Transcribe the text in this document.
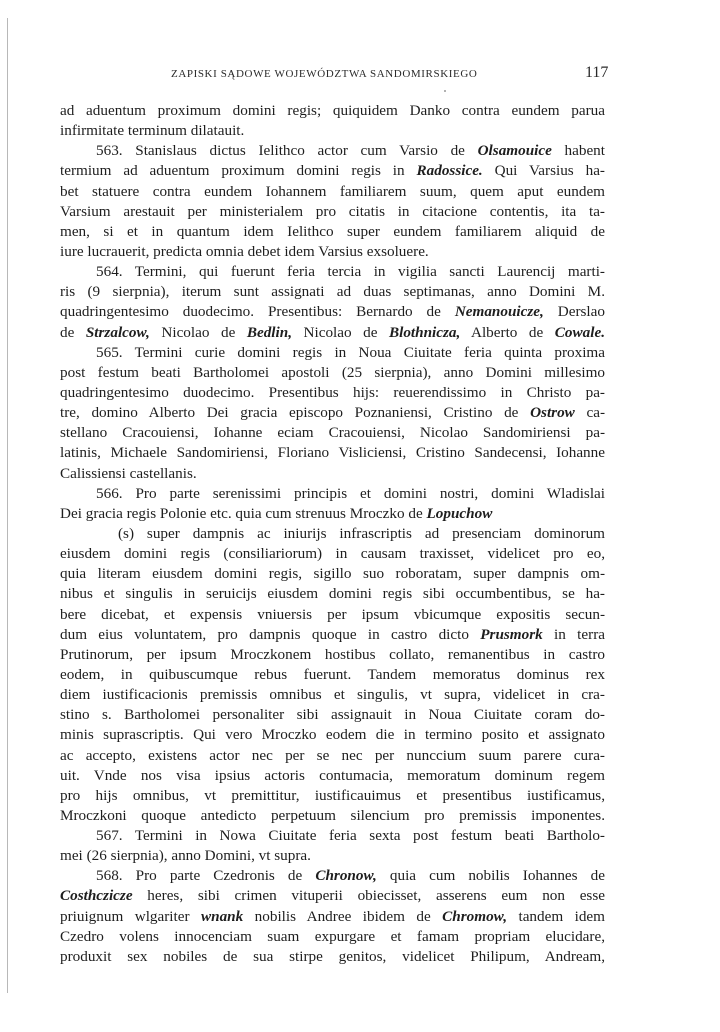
ZAPISKI SĄDOWE WOJEWÓDZTWA SANDOMIRSKIEGO	117
ad aduentum proximum domini regis; quiquidem Danko contra eundem parua
infirmitate terminum dilatauit.
563. Stanislaus dictus Ielithco actor cum Varsio de Olsamouice habent
termium ad aduentum proximum domini regis in Radossice. Qui Varsius ha-
bet statuere contra eundem Iohannem familiarem suum, quem aput eundem
Varsium arestauit per ministerialem pro citatis in citacione contentis, ita ta-
men, si et in quantum idem Ielithco super eundem familiarem aliquid de
iure lucrauerit, predicta omnia debet idem Varsius exsoluere.
564. Termini, qui fuerunt feria tercia in vigilia sancti Laurencij marti-
ris (9 sierpnia), iterum sunt assignati ad duas septimanas, anno Domini M.
quadringentesimo duodecimo. Presentibus: Bernardo de Nemanouicze, Derslao
de Strzalcow, Nicolao de Bedlin, Nicolao de Blothnicza, Alberto de Cowale.
565. Termini curie domini regis in Noua Ciuitate feria quinta proxima
post festum beati Bartholomei apostoli (25 sierpnia), anno Domini millesimo
quadringentesimo duodecimo. Presentibus hijs: reuerendissimo in Christo pa-
tre, domino Alberto Dei gracia episcopo Poznaniensi, Cristino de Ostrow ca-
stellano Cracouiensi, Iohanne eciam Cracouiensi, Nicolao Sandomiriensi pa-
latinis, Michaele Sandomiriensi, Floriano Visliciensi, Cristino Sandecensi, Iohanne
Calissiensi castellanis.
566. Pro parte serenissimi principis et domini nostri, domini Wladislai
Dei gracia regis Polonie etc. quia cum strenuus Mroczko de Lopuchow
(s) super dampnis ac iniurijs infrascriptis ad presenciam dominorum
eiusdem domini regis (consiliariorum) in causam traxisset, videlicet pro eo,
quia literam eiusdem domini regis, sigillo suo roboratam, super dampnis om-
nibus et singulis in seruicijs eiusdem domini regis sibi occumbentibus, se ha-
bere dicebat, et expensis vniuersis per ipsum vbicumque expositis secun-
dum eius voluntatem, pro dampnis quoque in castro dicto Prusmork in terra
Prutinorum, per ipsum Mroczkonem hostibus collato, remanentibus in castro
eodem, in quibuscumque rebus fuerunt. Tandem memoratus dominus rex
diem iustificacionis premissis omnibus et singulis, vt supra, videlicet in cra-
stino s. Bartholomei personaliter sibi assignauit in Noua Ciuitate coram do-
minis suprascriptis. Qui vero Mroczko eodem die in termino posito et assignato
ac accepto, existens actor nec per se nec per nunccium suum parere cura-
uit. Vnde nos visa ipsius actoris contumacia, memoratum dominum regem
pro hijs omnibus, vt premittitur, iustificauimus et presentibus iustificamus,
Mroczkoni quoque antedicto perpetuum silencium pro premissis imponentes.
567. Termini in Nowa Ciuitate feria sexta post festum beati Bartholo-
mei (26 sierpnia), anno Domini, vt supra.
568. Pro parte Czedronis de Chronow, quia cum nobilis Iohannes de
Costhczicze heres, sibi crimen vituperii obiecisset, asserens eum non esse
priuignum wlgariter wnank nobilis Andree ibidem de Chromow, tandem idem
Czedro volens innocenciam suam expurgare et famam propriam elucidare,
produxit sex nobiles de sua stirpe genitos, videlicet Philipum, Andream,
